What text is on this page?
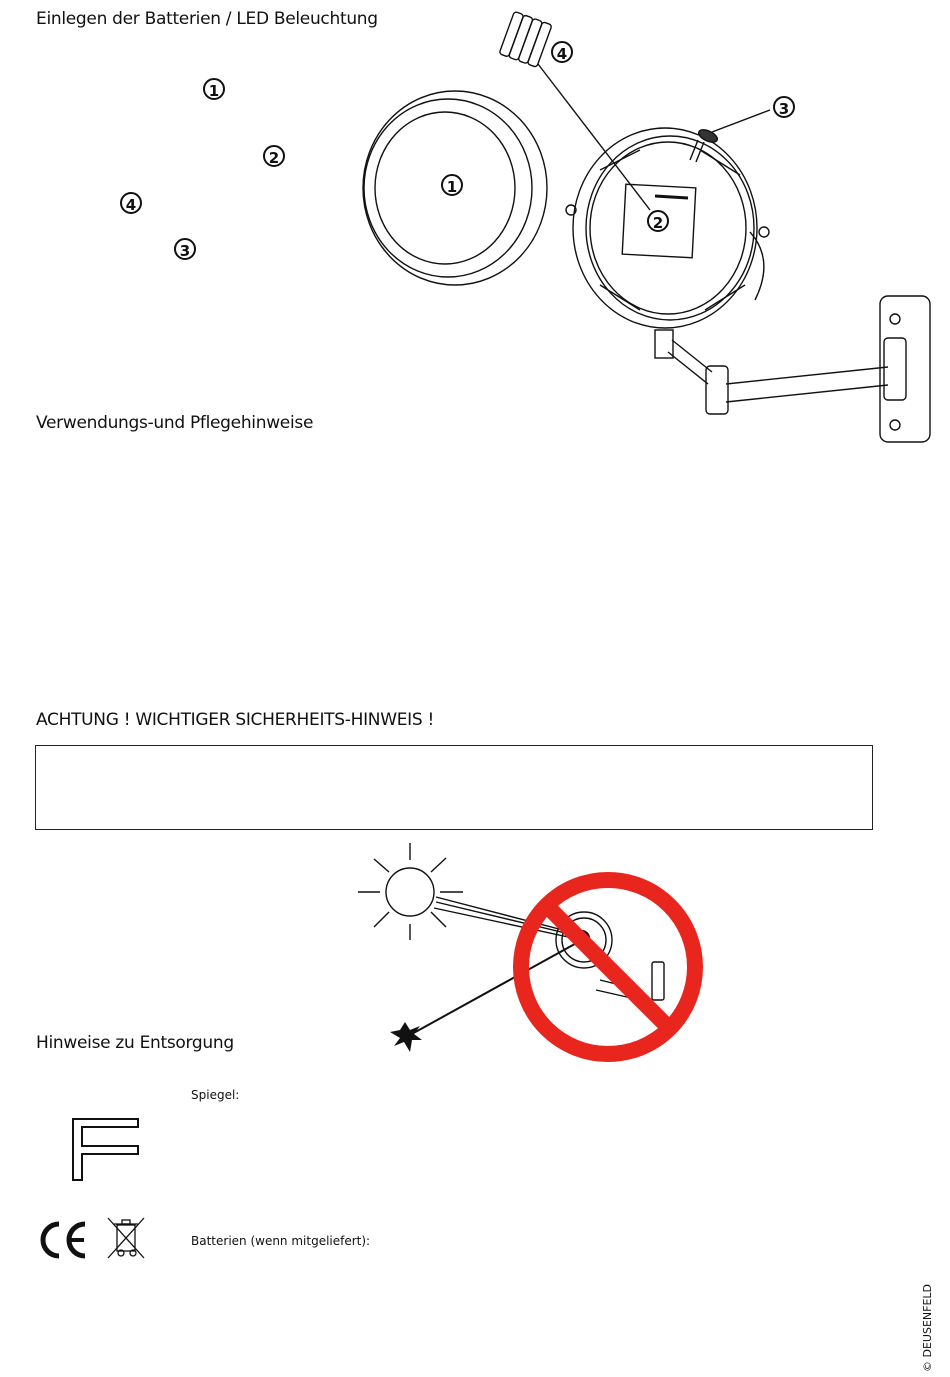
Einlegen der Batterien / LED Beleuchtung
Verwendungs-und Pflegehinweise
ACHTUNG ! WICHTIGER SICHERHEITS-HINWEIS !
Hinweise zu Entsorgung
1
2
4
3
1
2
3
4
Spiegel:
Batterien (wenn mitgeliefert):
© DEUSENFELD
